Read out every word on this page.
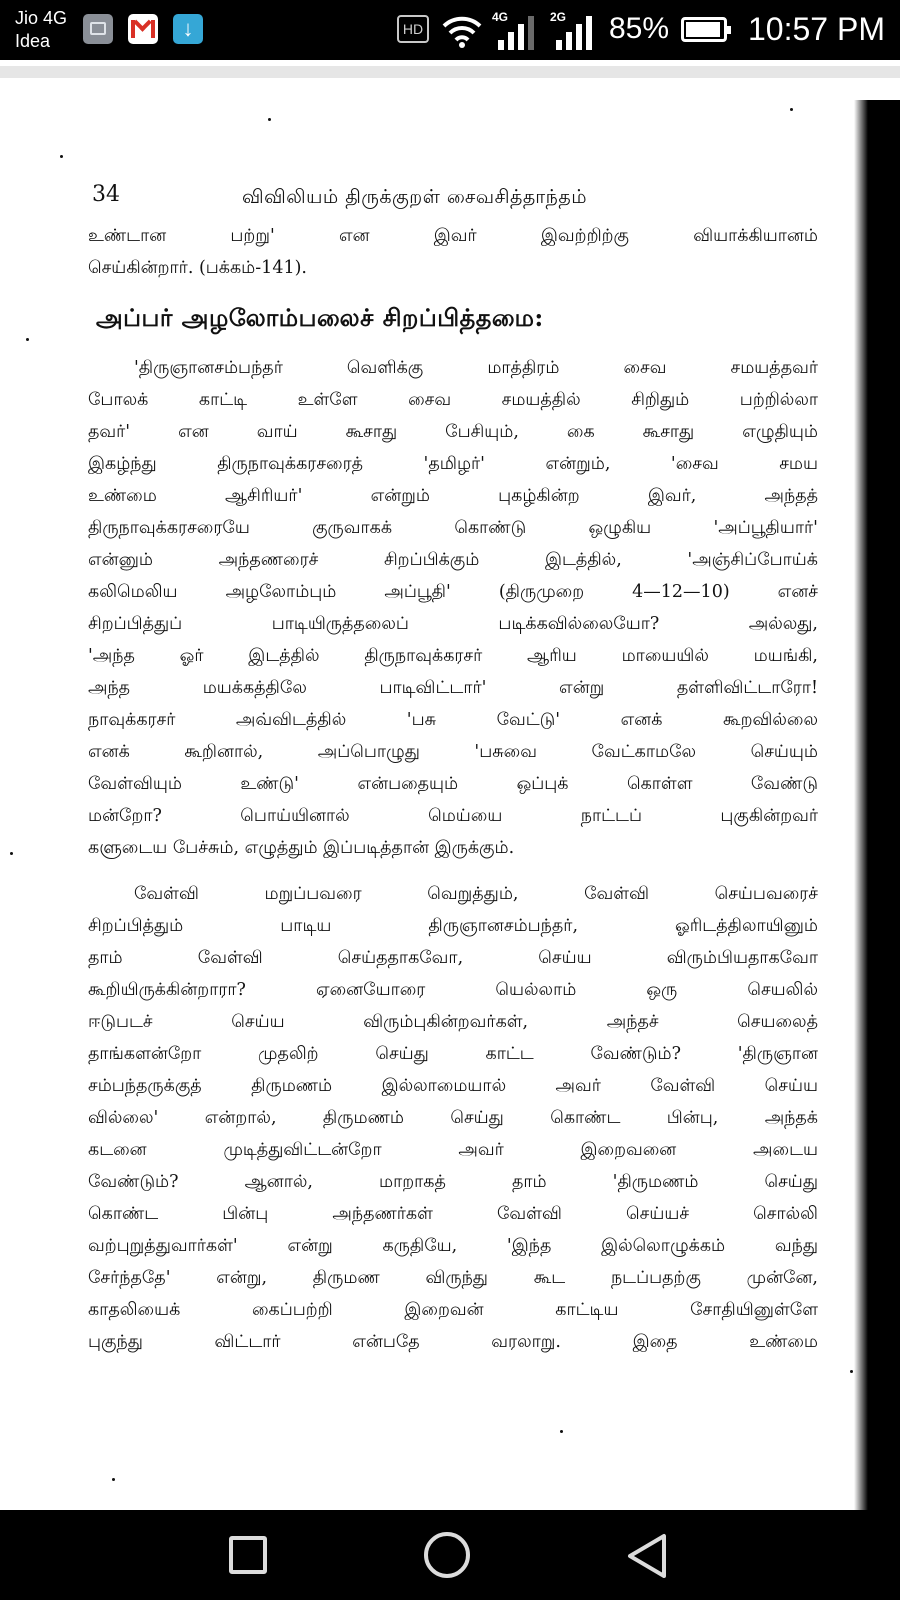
Jio 4G
Idea
↓
HD
4G	2G 85% 10:57 PM
34	விவிலியம் திருக்குறள் சைவசித்தாந்தம்
உண்டான பற்று' என இவர் இவற்றிற்கு வியாக்கியானம்
செய்கின்றார். (பக்கம்-141).
அப்பர் அழலோம்பலைச் சிறப்பித்தமை:
'திருஞானசம்பந்தர் வெளிக்கு மாத்திரம் சைவ சமயத்தவர்
போலக் காட்டி உள்ளே சைவ சமயத்தில் சிறிதும் பற்றில்லா
தவர்' என வாய் கூசாது பேசியும், கை கூசாது எழுதியும்
இகழ்ந்து திருநாவுக்கரசரைத் 'தமிழர்' என்றும், 'சைவ சமய
உண்மை ஆசிரியர்' என்றும் புகழ்கின்ற இவர், அந்தத்
திருநாவுக்கரசரையே குருவாகக் கொண்டு ஒழுகிய 'அப்பூதியார்'
என்னும் அந்தணரைச் சிறப்பிக்கும் இடத்தில், 'அஞ்சிப்போய்க்
கலிமெலிய அழலோம்பும் அப்பூதி' (திருமுறை 4—12—10) எனச்
சிறப்பித்துப் பாடியிருத்தலைப் படிக்கவில்லையோ? அல்லது,
'அந்த ஓர் இடத்தில் திருநாவுக்கரசர் ஆரிய மாயையில் மயங்கி,
அந்த மயக்கத்திலே பாடிவிட்டார்' என்று தள்ளிவிட்டாரோ!
நாவுக்கரசர் அவ்விடத்தில் 'பசு வேட்டு' எனக் கூறவில்லை
எனக் கூறினால், அப்பொழுது 'பசுவை வேட்காமலே செய்யும்
வேள்வியும் உண்டு' என்பதையும் ஒப்புக் கொள்ள வேண்டு
மன்றோ? பொய்யினால் மெய்யை நாட்டப் புகுகின்றவர்
களுடைய பேச்சும், எழுத்தும் இப்படித்தான் இருக்கும்.
வேள்வி மறுப்பவரை வெறுத்தும், வேள்வி செய்பவரைச்
சிறப்பித்தும் பாடிய திருஞானசம்பந்தர், ஓரிடத்திலாயினும்
தாம் வேள்வி செய்ததாகவோ, செய்ய விரும்பியதாகவோ
கூறியிருக்கின்றாரா? ஏனையோரை யெல்லாம் ஒரு செயலில்
ஈடுபடச் செய்ய விரும்புகின்றவர்கள், அந்தச் செயலைத்
தாங்களன்றோ முதலிற் செய்து காட்ட வேண்டும்? 'திருஞான
சம்பந்தருக்குத் திருமணம் இல்லாமையால் அவர் வேள்வி செய்ய
வில்லை' என்றால், திருமணம் செய்து கொண்ட பின்பு, அந்தக்
கடனை முடித்துவிட்டன்றோ அவர் இறைவனை அடைய
வேண்டும்? ஆனால், மாறாகத் தாம் 'திருமணம் செய்து
கொண்ட பின்பு அந்தணர்கள் வேள்வி செய்யச் சொல்லி
வற்புறுத்துவார்கள்' என்று கருதியே, 'இந்த இல்லொழுக்கம் வந்து
சேர்ந்ததே' என்று, திருமண விருந்து கூட நடப்பதற்கு முன்னே,
காதலியைக் கைப்பற்றி இறைவன் காட்டிய சோதியினுள்ளே
புகுந்து விட்டார் என்பதே வரலாறு. இதை உண்மை
